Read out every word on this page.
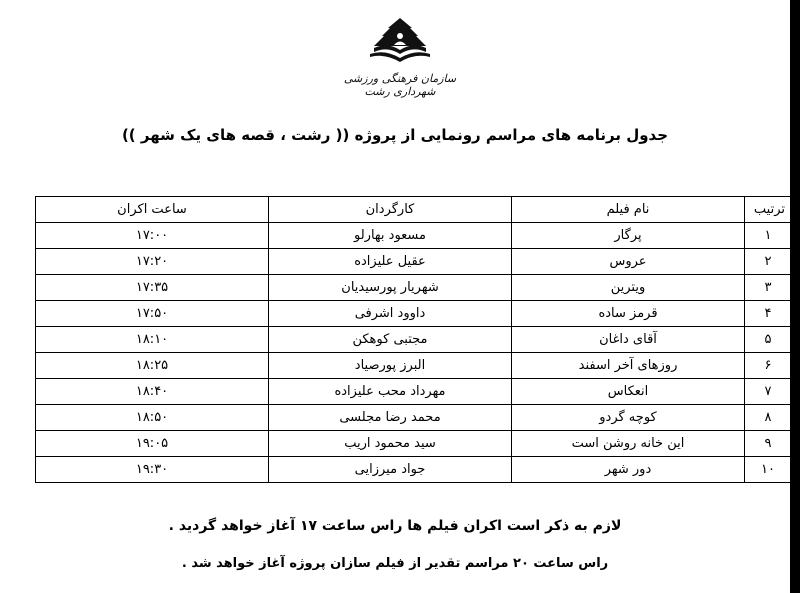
سازمان فرهنگی ورزشی شهرداری رشت
جدول برنامه های مراسم رونمایی از پروژه (( رشت ، قصه های یک شهر ))
ترتیب	نام فیلم	کارگردان	ساعت اکران
۱	پرگار	مسعود بهارلو	۱۷:۰۰
۲	عروس	عقیل علیزاده	۱۷:۲۰
۳	ویترین	شهریار پورسیدیان	۱۷:۳۵
۴	قرمز ساده	داوود اشرفی	۱۷:۵۰
۵	آقای داغان	مجتبی کوهکن	۱۸:۱۰
۶	روزهای آخر اسفند	البرز پورصیاد	۱۸:۲۵
۷	انعکاس	مهرداد محب علیزاده	۱۸:۴۰
۸	کوچه گردو	محمد رضا مجلسی	۱۸:۵۰
۹	این خانه روشن است	سید محمود اریب	۱۹:۰۵
۱۰	دور شهر	جواد میرزایی	۱۹:۳۰
لازم به ذکر است اکران فیلم ها راس ساعت ۱۷ آغاز خواهد گردید .
راس ساعت ۲۰ مراسم تقدیر از فیلم سازان پروژه آغاز خواهد شد .
